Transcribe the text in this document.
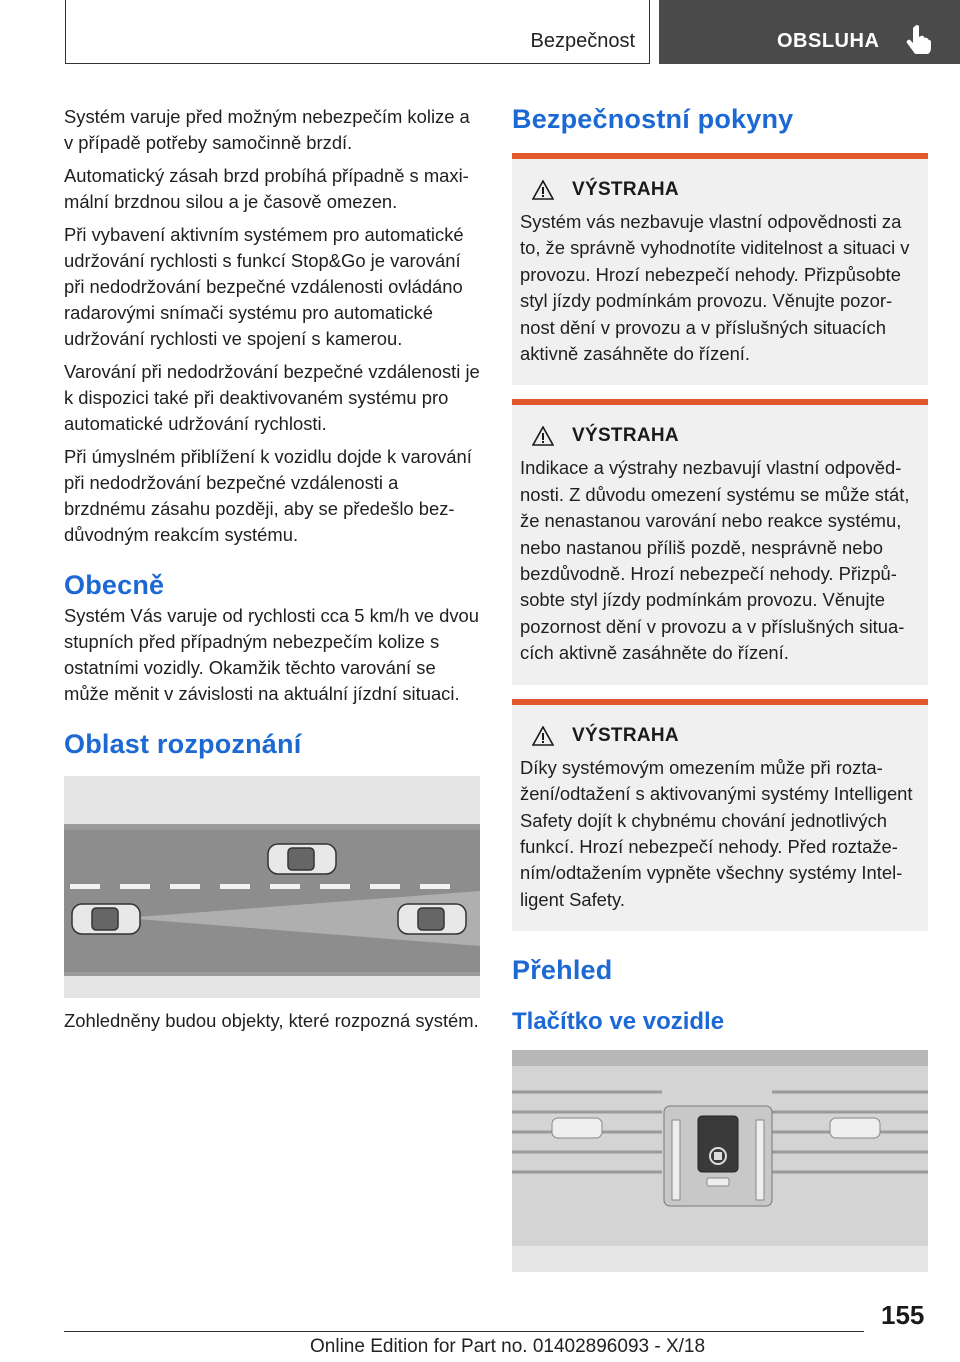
Bezpečnost	OBSLUHA

Systém varuje před možným nebezpečím kolize a v případě potřeby samočinně brzdí.

Automatický zásah brzd probíhá případně s maximální brzdnou silou a je časově omezen.

Při vybavení aktivním systémem pro automatické udržování rychlosti s funkcí Stop&Go je varování při nedodržování bezpečné vzdálenosti ovládáno radarovými snímači systému pro automatické udržování rychlosti ve spojení s kamerou.

Varování při nedodržování bezpečné vzdálenosti je k dispozici také při deaktivovaném systému pro automatické udržování rychlosti.

Při úmyslném přiblížení k vozidlu dojde k varování při nedodržování bezpečné vzdálenosti a brzdnému zásahu později, aby se předešlo bezdůvodným reakcím systému.

Obecně

Systém Vás varuje od rychlosti cca 5 km/h ve dvou stupních před případným nebezpečím kolize s ostatními vozidly. Okamžik těchto varování se může měnit v závislosti na aktuální jízdní situaci.

Oblast rozpoznání

Zohledněny budou objekty, které rozpozná systém.

Bezpečnostní pokyny
VÝSTRAHA

Systém vás nezbavuje vlastní odpovědnosti za to, že správně vyhodnotíte viditelnost a situaci v provozu. Hrozí nebezpečí nehody. Přizpůsobte styl jízdy podmínkám provozu. Věnujte pozornost dění v provozu a v příslušných situacích aktivně zasáhněte do řízení.

VÝSTRAHA

Indikace a výstrahy nezbavují vlastní odpovědnosti. Z důvodu omezení systému se může stát, že nenastanou varování nebo reakce systému, nebo nastanou příliš pozdě, nesprávně nebo bezdůvodně. Hrozí nebezpečí nehody. Přizpůsobte styl jízdy podmínkám provozu. Věnujte pozornost dění v provozu a v příslušných situacích aktivně zasáhněte do řízení.

VÝSTRAHA

Díky systémovým omezením může při roztažení/odtažení s aktivovanými systémy Intelligent Safety dojít k chybnému chování jednotlivých funkcí. Hrozí nebezpečí nehody. Před roztažením/odtažením vypněte všechny systémy Intelligent Safety.

Přehled
Tlačítko ve vozidle
155
Online Edition for Part no. 01402896093 - X/18
